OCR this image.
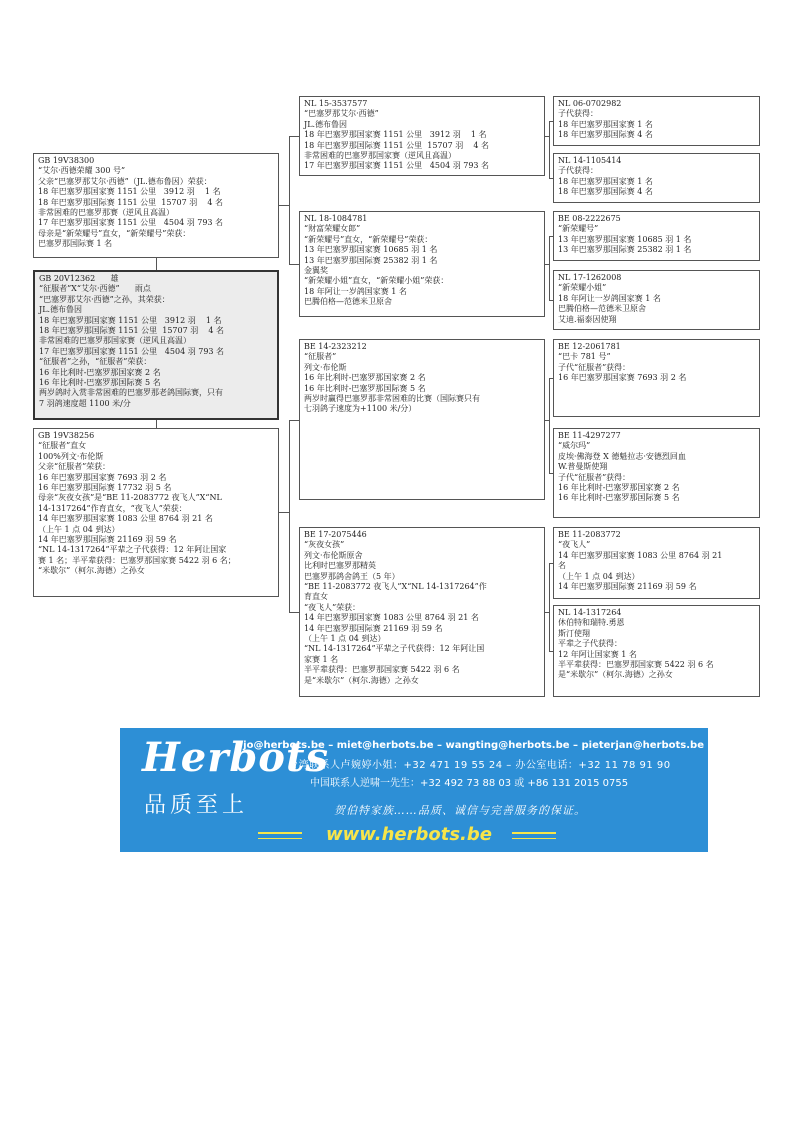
NL 15-3537577
“巴塞罗那艾尔·西德”
JL.德布鲁因
18 年巴塞罗那国家赛 1151 公里   3912 羽    1 名
18 年巴塞罗那国际赛 1151 公里  15707 羽    4 名
非常困难的巴塞罗那国家赛（逆风且高温）
17 年巴塞罗那国家赛 1151 公里   4504 羽 793 名
NL 06-0702982
子代获得：
18 年巴塞罗那国家赛 1 名
18 年巴塞罗那国际赛 4 名
NL 14-1105414
子代获得：
18 年巴塞罗那国家赛 1 名
18 年巴塞罗那国际赛 4 名
GB 19V38300
“艾尔·西德荣耀 300 号”
父亲“巴塞罗那艾尔·西德”（JL.德布鲁因）荣获：
18 年巴塞罗那国家赛 1151 公里   3912 羽    1 名
18 年巴塞罗那国际赛 1151 公里  15707 羽    4 名
非常困难的巴塞罗那赛（逆风且高温）
17 年巴塞罗那国家赛 1151 公里   4504 羽 793 名
母亲是“新荣耀号”直女，“新荣耀号”荣获：
巴塞罗那国际赛 1 名
NL 18-1084781
“财富荣耀女郎”
“新荣耀号”直女，“新荣耀号”荣获：
13 年巴塞罗那国家赛 10685 羽 1 名
13 年巴塞罗那国际赛 25382 羽 1 名
金翼奖
“新荣耀小姐”直女，“新荣耀小姐”荣获：
18 年阿让一岁鸽国家赛 1 名
巴腾伯格—范德米卫原舍
BE 08-2222675
“新荣耀号”
13 年巴塞罗那国家赛 10685 羽 1 名
13 年巴塞罗那国际赛 25382 羽 1 名
NL 17-1262008
“新荣耀小姐”
18 年阿让一岁鸽国家赛 1 名
巴腾伯格—范德米卫原舍
艾迪.福泰因使翔
GB 20V12362      雄
“征服者”X“艾尔·西德”      雨点
“巴塞罗那艾尔·西德”之孙，其荣获：
JL.德布鲁因
18 年巴塞罗那国家赛 1151 公里   3912 羽    1 名
18 年巴塞罗那国际赛 1151 公里  15707 羽    4 名
非常困难的巴塞罗那国家赛（逆风且高温）
17 年巴塞罗那国家赛 1151 公里   4504 羽 793 名
“征服者”之孙，“征服者”荣获：
16 年比利时-巴塞罗那国家赛 2 名
16 年比利时-巴塞罗那国际赛 5 名
两岁鸽时入赏非常困难的巴塞罗那老鸽国际赛，只有
7 羽鸽速度超 1100 米/分
BE 14-2323212
“征服者”
列文·布伦斯
16 年比利时-巴塞罗那国家赛 2 名
16 年比利时-巴塞罗那国际赛 5 名
两岁时赢得巴塞罗那非常困难的比赛（国际赛只有
七羽鸽子速度为+1100 米/分）
BE 12-2061781
“巴卡 781 号”
子代“征服者”获得：
16 年巴塞罗那国家赛 7693 羽 2 名
BE 11-4297277
“威尔玛”
皮埃·佛海登 X 德魁拉志·安德烈回血
W.普曼斯使翔
子代“征服者”获得：
16 年比利时-巴塞罗那国家赛 2 名
16 年比利时-巴塞罗那国际赛 5 名
GB 19V38256
“征服者”直女
100%列文·布伦斯
父亲“征服者”荣获：
16 年巴塞罗那国家赛 7693 羽 2 名
16 年巴塞罗那国际赛 17732 羽 5 名
母亲“灰夜女孩”是“BE 11-2083772 夜飞人”X“NL
14-1317264”作育直女，“夜飞人”荣获：
14 年巴塞罗那国家赛 1083 公里 8764 羽 21 名
（上午 1 点 04 到达）
14 年巴塞罗那国际赛 21169 羽 59 名
“NL 14-1317264”平辈之子代获得：12 年阿让国家
赛 1 名；半平辈获得：巴塞罗那国家赛 5422 羽 6 名；
“米歇尔”（柯尔.海德）之孙女
BE 17-2075446
“灰夜女孩”
列文·布伦斯原舍
比利时巴塞罗那精英
巴塞罗那鸽舍鸽王（5 年）
“BE 11-2083772 夜飞人”X“NL 14-1317264”作
育直女
“夜飞人”荣获：
14 年巴塞罗那国家赛 1083 公里 8764 羽 21 名
14 年巴塞罗那国际赛 21169 羽 59 名
（上午 1 点 04 到达）
“NL 14-1317264”平辈之子代获得：12 年阿让国
家赛 1 名
半平辈获得：巴塞罗那国家赛 5422 羽 6 名
是“米歇尔”（柯尔.海德）之孙女
BE 11-2083772
“夜飞人”
14 年巴塞罗那国家赛 1083 公里 8764 羽 21
名
（上午 1 点 04 到达）
14 年巴塞罗那国际赛 21169 羽 59 名
NL 14-1317264
休伯特和瑞特.勇恩
斯汀使翔
平辈之子代获得：
12 年阿让国家赛 1 名
半平辈获得：巴塞罗那国家赛 5422 羽 6 名
是“米歇尔”（柯尔.海德）之孙女
Herbots
品质至上
jo@herbots.be – miet@herbots.be – wangting@herbots.be – pieterjan@herbots.be
台湾联系人卢婉婷小姐：+32 471 19 55 24 – 办公室电话：+32 11 78 91 90
中国联系人逆啸一先生：+32 492 73 88 03 或 +86 131 2015 0755
贺伯特家族……品质、诚信与完善服务的保证。
www.herbots.be
